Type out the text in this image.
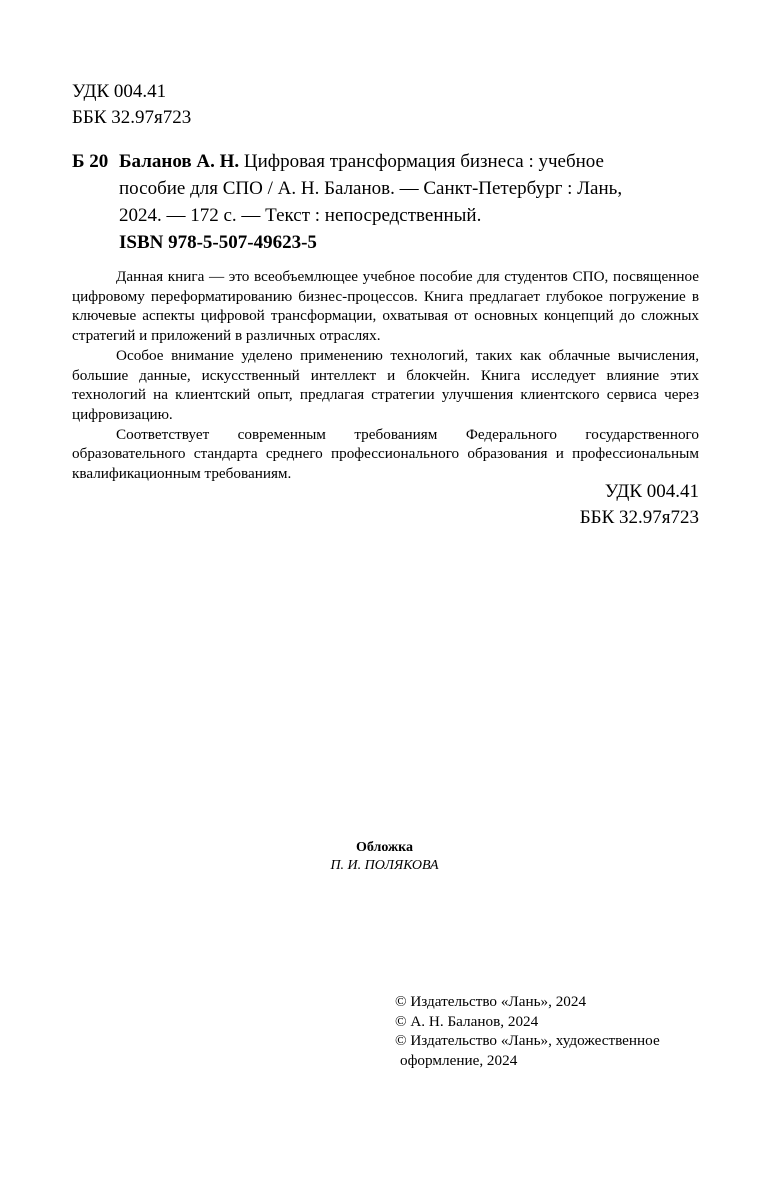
УДК 004.41
ББК 32.97я723
Б 20 Баланов А. Н. Цифровая трансформация бизнеса : учебное
пособие для СПО / А. Н. Баланов. — Санкт-Петербург : Лань,
2024. — 172 с. — Текст : непосредственный.
ISBN 978-5-507-49623-5

Данная книга — это всеобъемлющее учебное пособие для студентов СПО, посвященное цифровому переформатированию бизнес-процессов. Книга предлагает глубокое погружение в ключевые аспекты цифровой трансформации, охватывая от основных концепций до сложных стратегий и приложений в различных отраслях.

Особое внимание уделено применению технологий, таких как облачные вычисления, большие данные, искусственный интеллект и блокчейн. Книга исследует влияние этих технологий на клиентский опыт, предлагая стратегии улучшения клиентского сервиса через цифровизацию.

Соответствует современным требованиям Федерального государственного образовательного стандарта среднего профессионального образования и профессиональным квалификационным требованиям.

УДК 004.41
ББК 32.97я723
Обложка
П. И. ПОЛЯКОВА
© Издательство «Лань», 2024
© А. Н. Баланов, 2024
© Издательство «Лань», художественное
оформление, 2024
